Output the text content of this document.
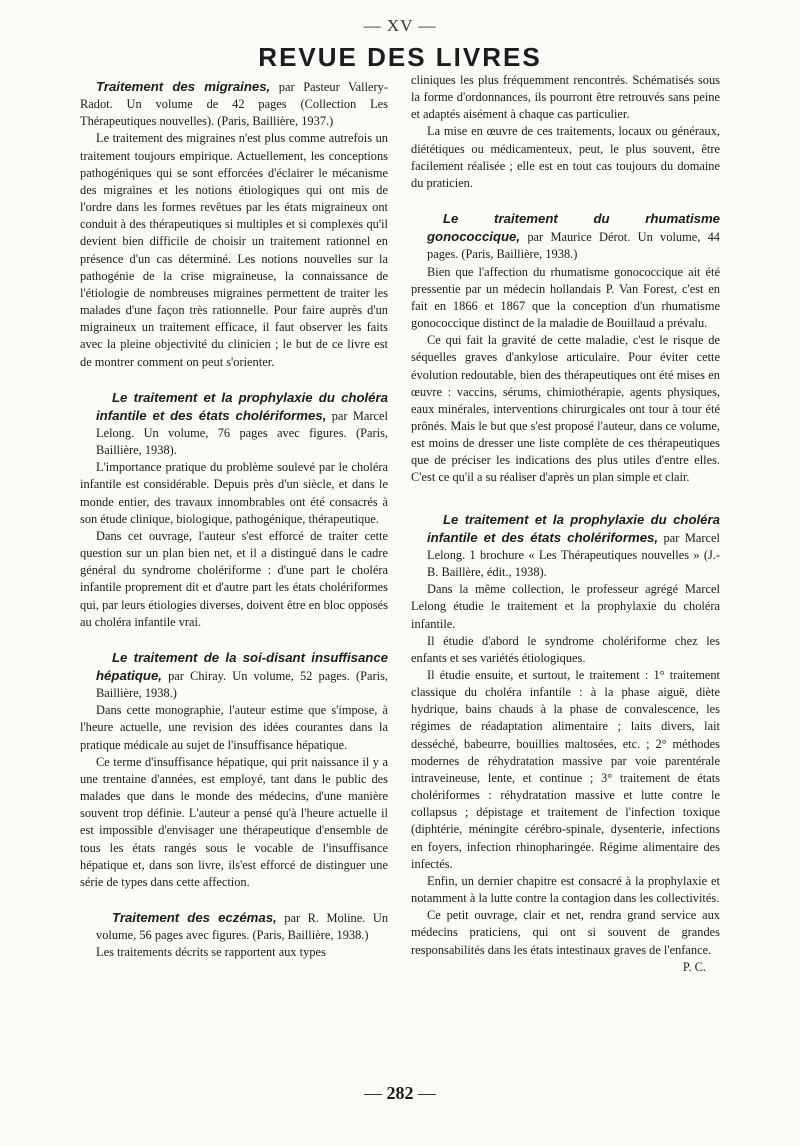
— XV —
REVUE DES LIVRES

Traitement des migraines, par Pasteur Vallery-Radot. Un volume de 42 pages (Collection Les Thérapeutiques nouvelles). (Paris, Baillière, 1937.)

Le traitement des migraines n'est plus comme autrefois un traitement toujours empirique. Actuellement, les conceptions pathogéniques qui se sont efforcées d'éclairer le mécanisme des migraines et les notions étiologiques qui ont mis de l'ordre dans les formes revêtues par les états migraineux ont conduit à des thérapeutiques si multiples et si complexes qu'il devient bien difficile de choisir un traitement rationnel en présence d'un cas déterminé. Les notions nouvelles sur la pathogénie de la crise migraineuse, la connaissance de l'étiologie de nombreuses migraines permettent de traiter les malades d'une façon très rationnelle. Pour faire auprès d'un migraineux un traitement efficace, il faut observer les faits avec la pleine objectivité du clinicien ; le but de ce livre est de montrer comment on peut s'orienter.

Le traitement et la prophylaxie du choléra infantile et des états cholériformes, par Marcel Lelong. Un volume, 76 pages avec figures. (Paris, Baillière, 1938).

L'importance pratique du problème soulevé par le choléra infantile est considérable. Depuis près d'un siècle, et dans le monde entier, des travaux innombrables ont été consacrés à son étude clinique, biologique, pathogénique, thérapeutique.

Dans cet ouvrage, l'auteur s'est efforcé de traiter cette question sur un plan bien net, et il a distingué dans le cadre général du syndrome cholériforme : d'une part le choléra infantile proprement dit et d'autre part les états cholériformes qui, par leurs étiologies diverses, doivent être en bloc opposés au choléra infantile vrai.

Le traitement de la soi-disant insuffisance hépatique, par Chiray. Un volume, 52 pages. (Paris, Baillière, 1938.)

Dans cette monographie, l'auteur estime que s'impose, à l'heure actuelle, une revision des idées courantes dans la pratique médicale au sujet de l'insuffisance hépatique.

Ce terme d'insuffisance hépatique, qui prit naissance il y a une trentaine d'années, est employé, tant dans le public des malades que dans le monde des médecins, d'une manière souvent trop définie. L'auteur a pensé qu'à l'heure actuelle il est impossible d'envisager une thérapeutique d'ensemble de tous les états rangés sous le vocable de l'insuffisance hépatique et, dans son livre, ils'est efforcé de distinguer une série de types dans cette affection.

Traitement des eczémas, par R. Moline. Un volume, 56 pages avec figures. (Paris, Baillière, 1938.)

Les traitements décrits se rapportent aux types

cliniques les plus fréquemment rencontrés. Schématisés sous la forme d'ordonnances, ils pourront être retrouvés sans peine et adaptés aisément à chaque cas particulier.

La mise en œuvre de ces traitements, locaux ou généraux, diététiques ou médicamenteux, peut, le plus souvent, être facilement réalisée ; elle est en tout cas toujours du domaine du praticien.

Le traitement du rhumatisme gonococcique, par Maurice Dérot. Un volume, 44 pages. (Paris, Baillière, 1938.)

Bien que l'affection du rhumatisme gonococcique ait été pressentie par un médecin hollandais P. Van Forest, c'est en fait en 1866 et 1867 que la conception d'un rhumatisme gonococcique distinct de la maladie de Bouillaud a prévalu.

Ce qui fait la gravité de cette maladie, c'est le risque de séquelles graves d'ankylose articulaire. Pour éviter cette évolution redoutable, bien des thérapeutiques ont été mises en œuvre : vaccins, sérums, chimiothérapie, agents physiques, eaux minérales, interventions chirurgicales ont tour à tour été prônés. Mais le but que s'est proposé l'auteur, dans ce volume, est moins de dresser une liste complète de ces thérapeutiques que de préciser les indications des plus utiles d'entre elles. C'est ce qu'il a su réaliser d'après un plan simple et clair.

Le traitement et la prophylaxie du choléra infantile et des états cholériformes, par Marcel Lelong. 1 brochure « Les Thérapeutiques nouvelles » (J.-B. Baillère, édit., 1938).

Dans la même collection, le professeur agrégé Marcel Lelong étudie le traitement et la prophylaxie du choléra infantile.

Il étudie d'abord le syndrome cholériforme chez les enfants et ses variétés étiologiques.

Il étudie ensuite, et surtout, le traitement : 1° traitement classique du choléra infantile : à la phase aiguë, diète hydrique, bains chauds à la phase de convalescence, les régimes de réadaptation alimentaire ; laits divers, lait desséché, babeurre, bouillies maltosées, etc. ; 2° méthodes modernes de réhydratation massive par voie parentérale intraveineuse, lente, et continue ; 3° traitement de états cholériformes : réhydratation massive et lutte contre le collapsus ; dépistage et traitement de l'infection toxique (diphtérie, méningite cérébro-spinale, dysenterie, infections en foyers, infection rhinopharingée. Régime alimentaire des infectés.

Enfin, un dernier chapitre est consacré à la prophylaxie et notamment à la lutte contre la contagion dans les collectivités.

Ce petit ouvrage, clair et net, rendra grand service aux médecins praticiens, qui ont si souvent de grandes responsabilités dans les états intestinaux graves de l'enfance.

P. C.

— 282 —
